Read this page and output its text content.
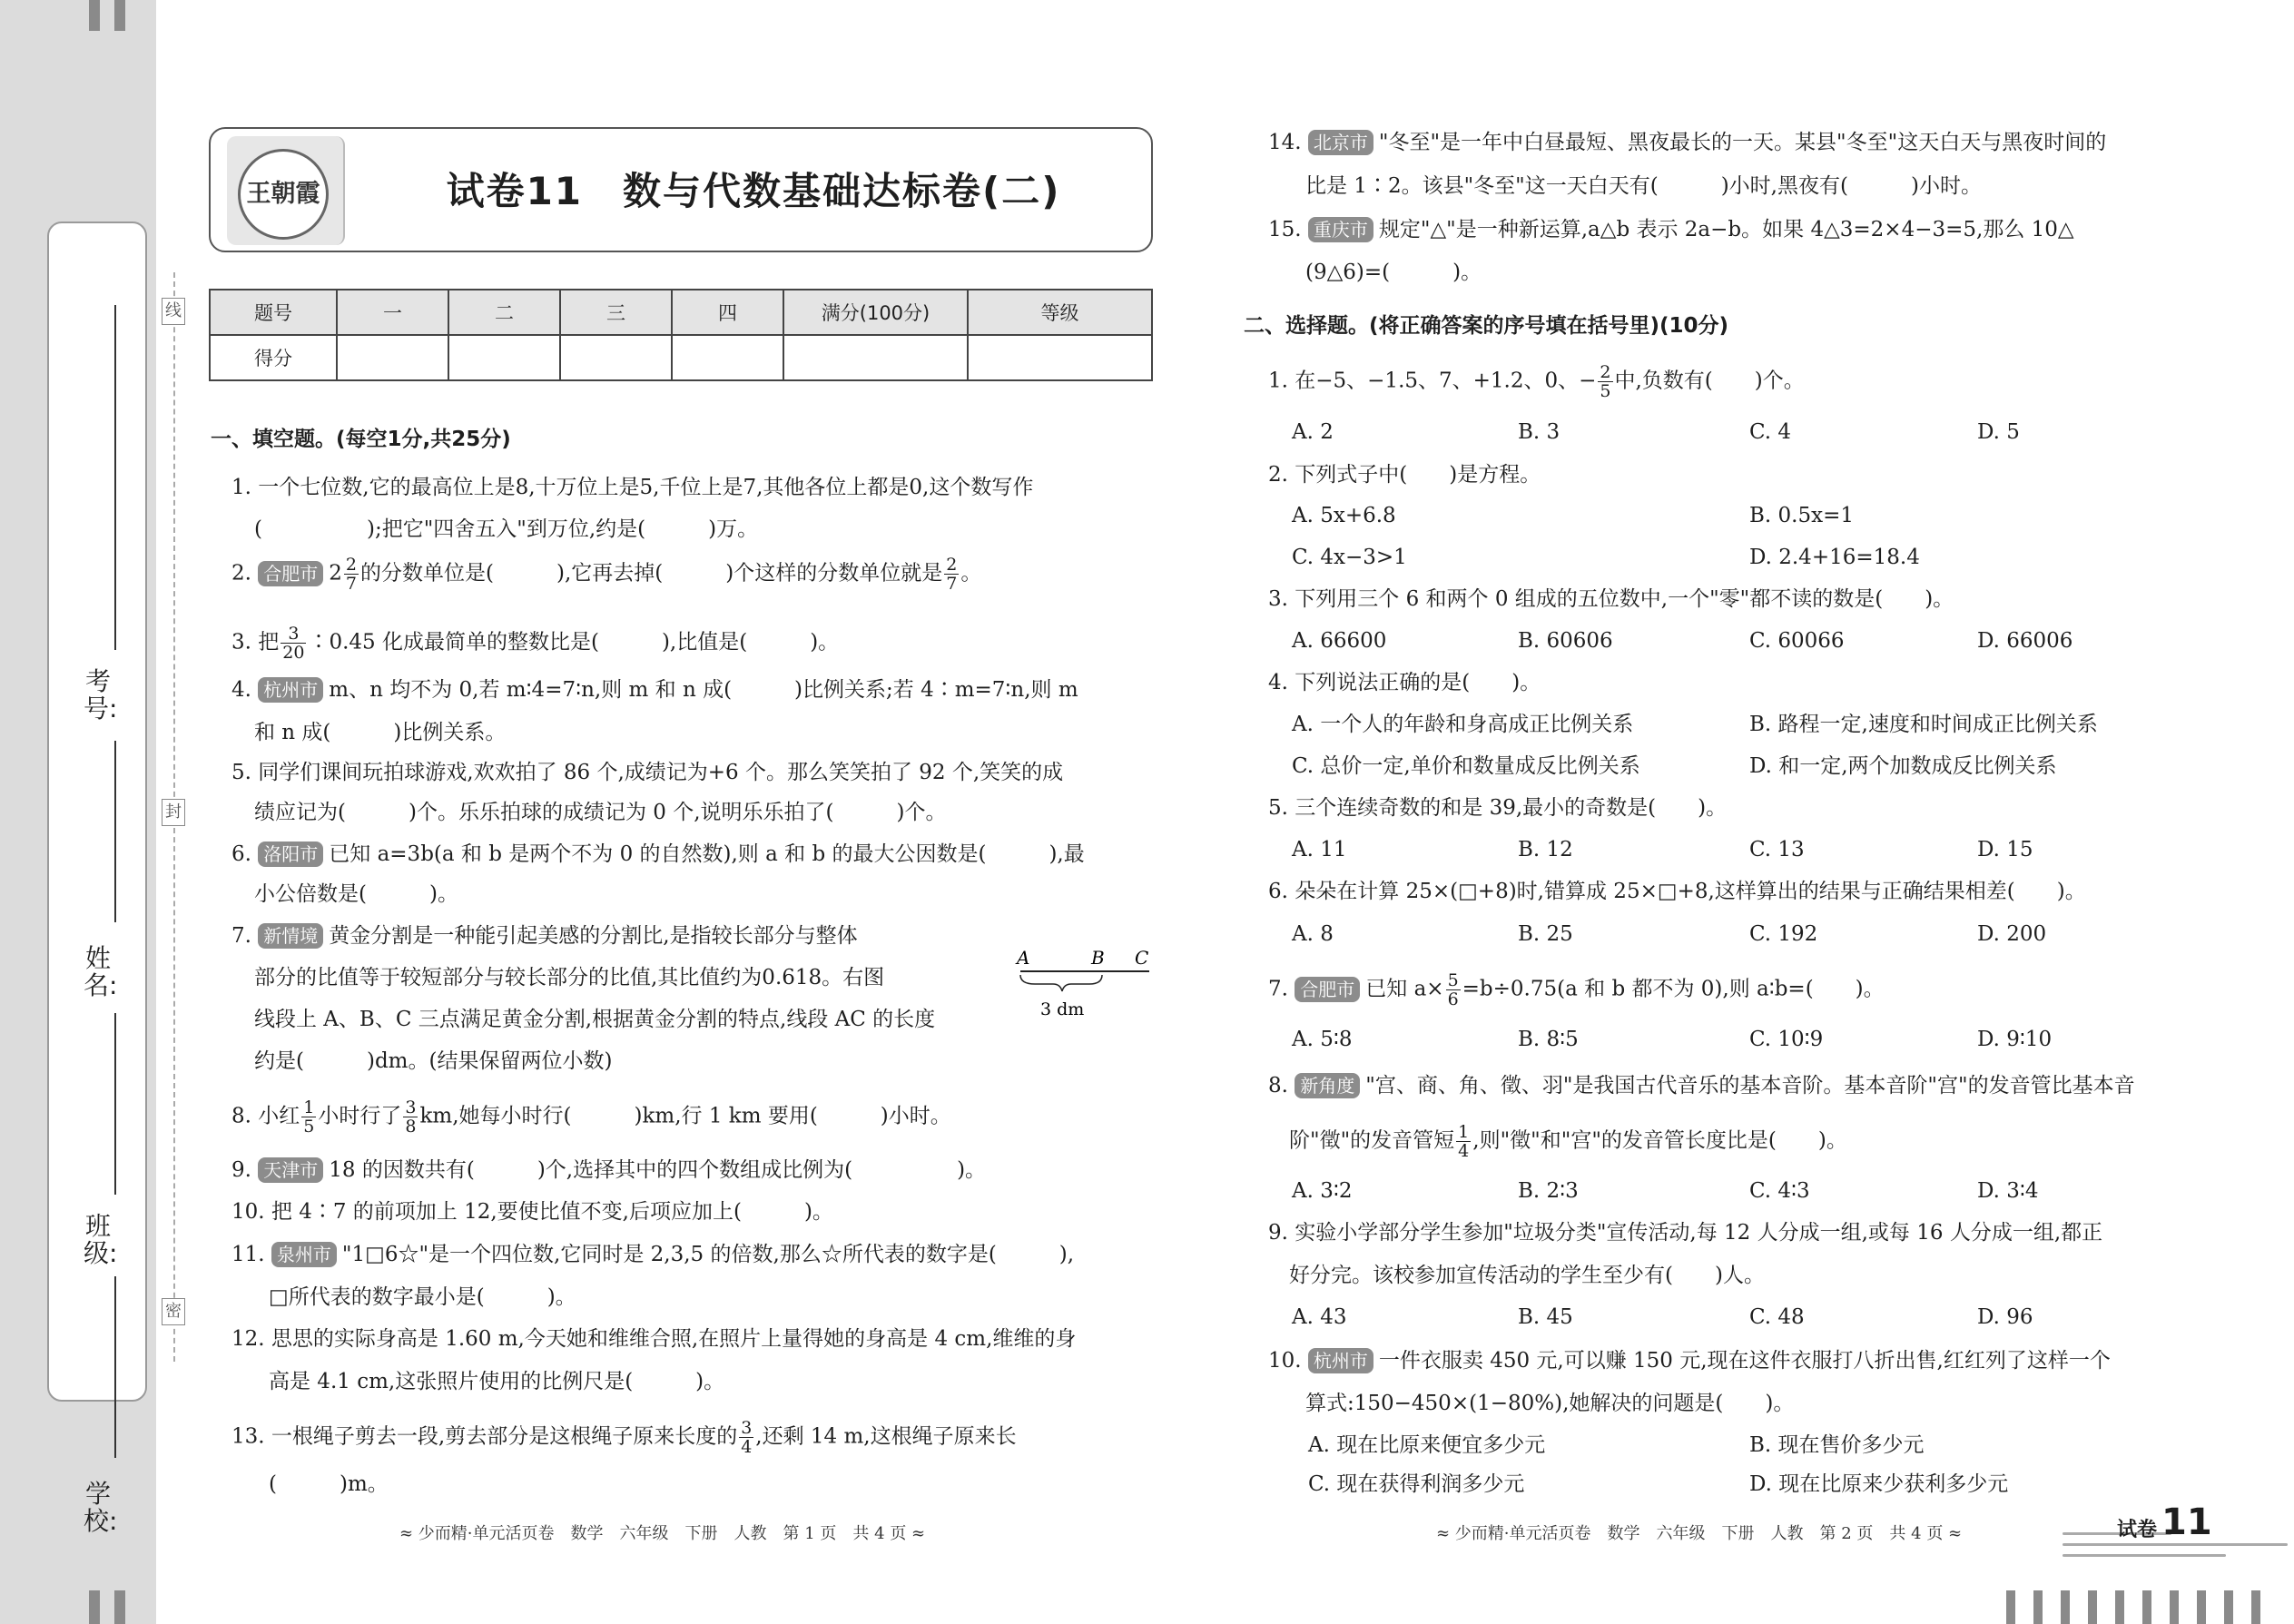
考号:
姓名:
班级:
学校:
线
封
密
王朝霞	试卷11　数与代数基础达标卷(二)
题号	一	二	三	四	满分(100分)	等级
得分						
一、填空题。(每空1分,共25分)
1. 一个七位数,它的最高位上是8,十万位上是5,千位上是7,其他各位上都是0,这个数写作
(　　　　　);把它"四舍五入"到万位,约是(　　　)万。
2. 合肥市 $2 \frac{2}{7}$ 的分数单位是(　　　),它再去掉(　　　)个这样的分数单位就是 $\frac{2}{7}$ 。
3. 把 $\frac{3}{20}$ ∶0.45 化成最简单的整数比是(　　　),比值是(　　　)。
4. 杭州市 m、n 均不为 0,若 m∶4=7∶n,则 m 和 n 成(　　　)比例关系;若 4∶m=7∶n,则 m
和 n 成(　　　)比例关系。
5. 同学们课间玩拍球游戏,欢欢拍了 86 个,成绩记为+6 个。那么笑笑拍了 92 个,笑笑的成
绩应记为(　　　)个。乐乐拍球的成绩记为 0 个,说明乐乐拍了(　　　)个。
6. 洛阳市 已知 a=3b(a 和 b 是两个不为 0 的自然数),则 a 和 b 的最大公因数是(　　　),最
小公倍数是(　　　)。
7. 新情境 黄金分割是一种能引起美感的分割比,是指较长部分与整体
部分的比值等于较短部分与较长部分的比值,其比值约为0.618。右图
线段上 A、B、C 三点满足黄金分割,根据黄金分割的特点,线段 AC 的长度
约是(　　　)dm。(结果保留两位小数)
A	B C
3 dm
8. 小红 $\frac{1}{5}$ 小时行了 $\frac{3}{8}$ km,她每小时行(　　　)km,行 1 km 要用(　　　)小时。
9. 天津市 18 的因数共有(　　　)个,选择其中的四个数组成比例为(　　　　　)。
10. 把 4∶7 的前项加上 12,要使比值不变,后项应加上(　　　)。
11. 泉州市 "1□6☆"是一个四位数,它同时是 2,3,5 的倍数,那么☆所代表的数字是(　　　),
□所代表的数字最小是(　　　)。
12. 思思的实际身高是 1.60 m,今天她和维维合照,在照片上量得她的身高是 4 cm,维维的身
高是 4.1 cm,这张照片使用的比例尺是(　　　)。
13. 一根绳子剪去一段,剪去部分是这根绳子原来长度的 $\frac{3}{4}$ ,还剩 14 m,这根绳子原来长
(　　　)m。
≈ 少而精·单元活页卷　数学　六年级　下册　人教　第 1 页　共 4 页 ≈
14. 北京市 "冬至"是一年中白昼最短、黑夜最长的一天。某县"冬至"这天白天与黑夜时间的
比是 1∶2。该县"冬至"这一天白天有(　　　)小时,黑夜有(　　　)小时。
15. 重庆市 规定"△"是一种新运算,a△b 表示 2a−b。如果 4△3=2×4−3=5,那么 10△
(9△6)=(　　　)。
二、选择题。(将正确答案的序号填在括号里)(10分)
1. 在−5、−1.5、7、+1.2、0、− $\frac{2}{5}$ 中,负数有(　　)个。
A. 2	B. 3	C. 4	D. 5
2. 下列式子中(　　)是方程。
A. 5x+6.8	B. 0.5x=1
C. 4x−3>1	D. 2.4+16=18.4
3. 下列用三个 6 和两个 0 组成的五位数中,一个"零"都不读的数是(　　)。
A. 66600	B. 60606	C. 60066	D. 66006
4. 下列说法正确的是(　　)。
A. 一个人的年龄和身高成正比例关系	B. 路程一定,速度和时间成正比例关系
C. 总价一定,单价和数量成反比例关系	D. 和一定,两个加数成反比例关系
5. 三个连续奇数的和是 39,最小的奇数是(　　)。
A. 11	B. 12	C. 13	D. 15
6. 朵朵在计算 25×(□+8)时,错算成 25×□+8,这样算出的结果与正确结果相差(　　)。
A. 8	B. 25	C. 192	D. 200
7. 合肥市 已知 $a\times \frac{5}{6} =b\div 0.75(a$ 和 b 都不为 0),则 a∶b=(　　)。
A. 5∶8	B. 8∶5	C. 10∶9	D. 9∶10
8. 新角度 "宫、商、角、徵、羽"是我国古代音乐的基本音阶。基本音阶"宫"的发音管比基本音
阶"徵"的发音管短 $\frac{1}{4}$ ,则"徵"和"宫"的发音管长度比是(　　)。
A. 3∶2	B. 2∶3	C. 4∶3	D. 3∶4
9. 实验小学部分学生参加"垃圾分类"宣传活动,每 12 人分成一组,或每 16 人分成一组,都正
好分完。该校参加宣传活动的学生至少有(　　)人。
A. 43	B. 45	C. 48	D. 96
10. 杭州市 一件衣服卖 450 元,可以赚 150 元,现在这件衣服打八折出售,红红列了这样一个
算式:150−450×(1−80%),她解决的问题是(　　)。
A. 现在比原来便宜多少元	B. 现在售价多少元
C. 现在获得利润多少元	D. 现在比原来少获利多少元
≈ 少而精·单元活页卷　数学　六年级　下册　人教　第 2 页　共 4 页 ≈	试卷 11
